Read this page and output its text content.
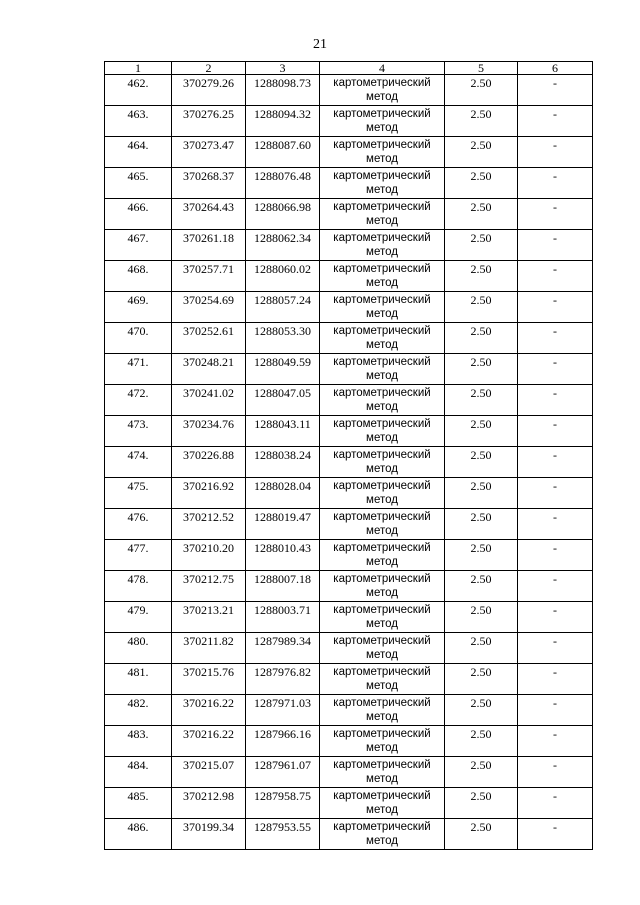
21
1	2	3	4	5	6
462.	370279.26	1288098.73	картометрический метод	2.50	-
463.	370276.25	1288094.32	картометрический метод	2.50	-
464.	370273.47	1288087.60	картометрический метод	2.50	-
465.	370268.37	1288076.48	картометрический метод	2.50	-
466.	370264.43	1288066.98	картометрический метод	2.50	-
467.	370261.18	1288062.34	картометрический метод	2.50	-
468.	370257.71	1288060.02	картометрический метод	2.50	-
469.	370254.69	1288057.24	картометрический метод	2.50	-
470.	370252.61	1288053.30	картометрический метод	2.50	-
471.	370248.21	1288049.59	картометрический метод	2.50	-
472.	370241.02	1288047.05	картометрический метод	2.50	-
473.	370234.76	1288043.11	картометрический метод	2.50	-
474.	370226.88	1288038.24	картометрический метод	2.50	-
475.	370216.92	1288028.04	картометрический метод	2.50	-
476.	370212.52	1288019.47	картометрический метод	2.50	-
477.	370210.20	1288010.43	картометрический метод	2.50	-
478.	370212.75	1288007.18	картометрический метод	2.50	-
479.	370213.21	1288003.71	картометрический метод	2.50	-
480.	370211.82	1287989.34	картометрический метод	2.50	-
481.	370215.76	1287976.82	картометрический метод	2.50	-
482.	370216.22	1287971.03	картометрический метод	2.50	-
483.	370216.22	1287966.16	картометрический метод	2.50	-
484.	370215.07	1287961.07	картометрический метод	2.50	-
485.	370212.98	1287958.75	картометрический метод	2.50	-
486.	370199.34	1287953.55	картометрический метод	2.50	-
